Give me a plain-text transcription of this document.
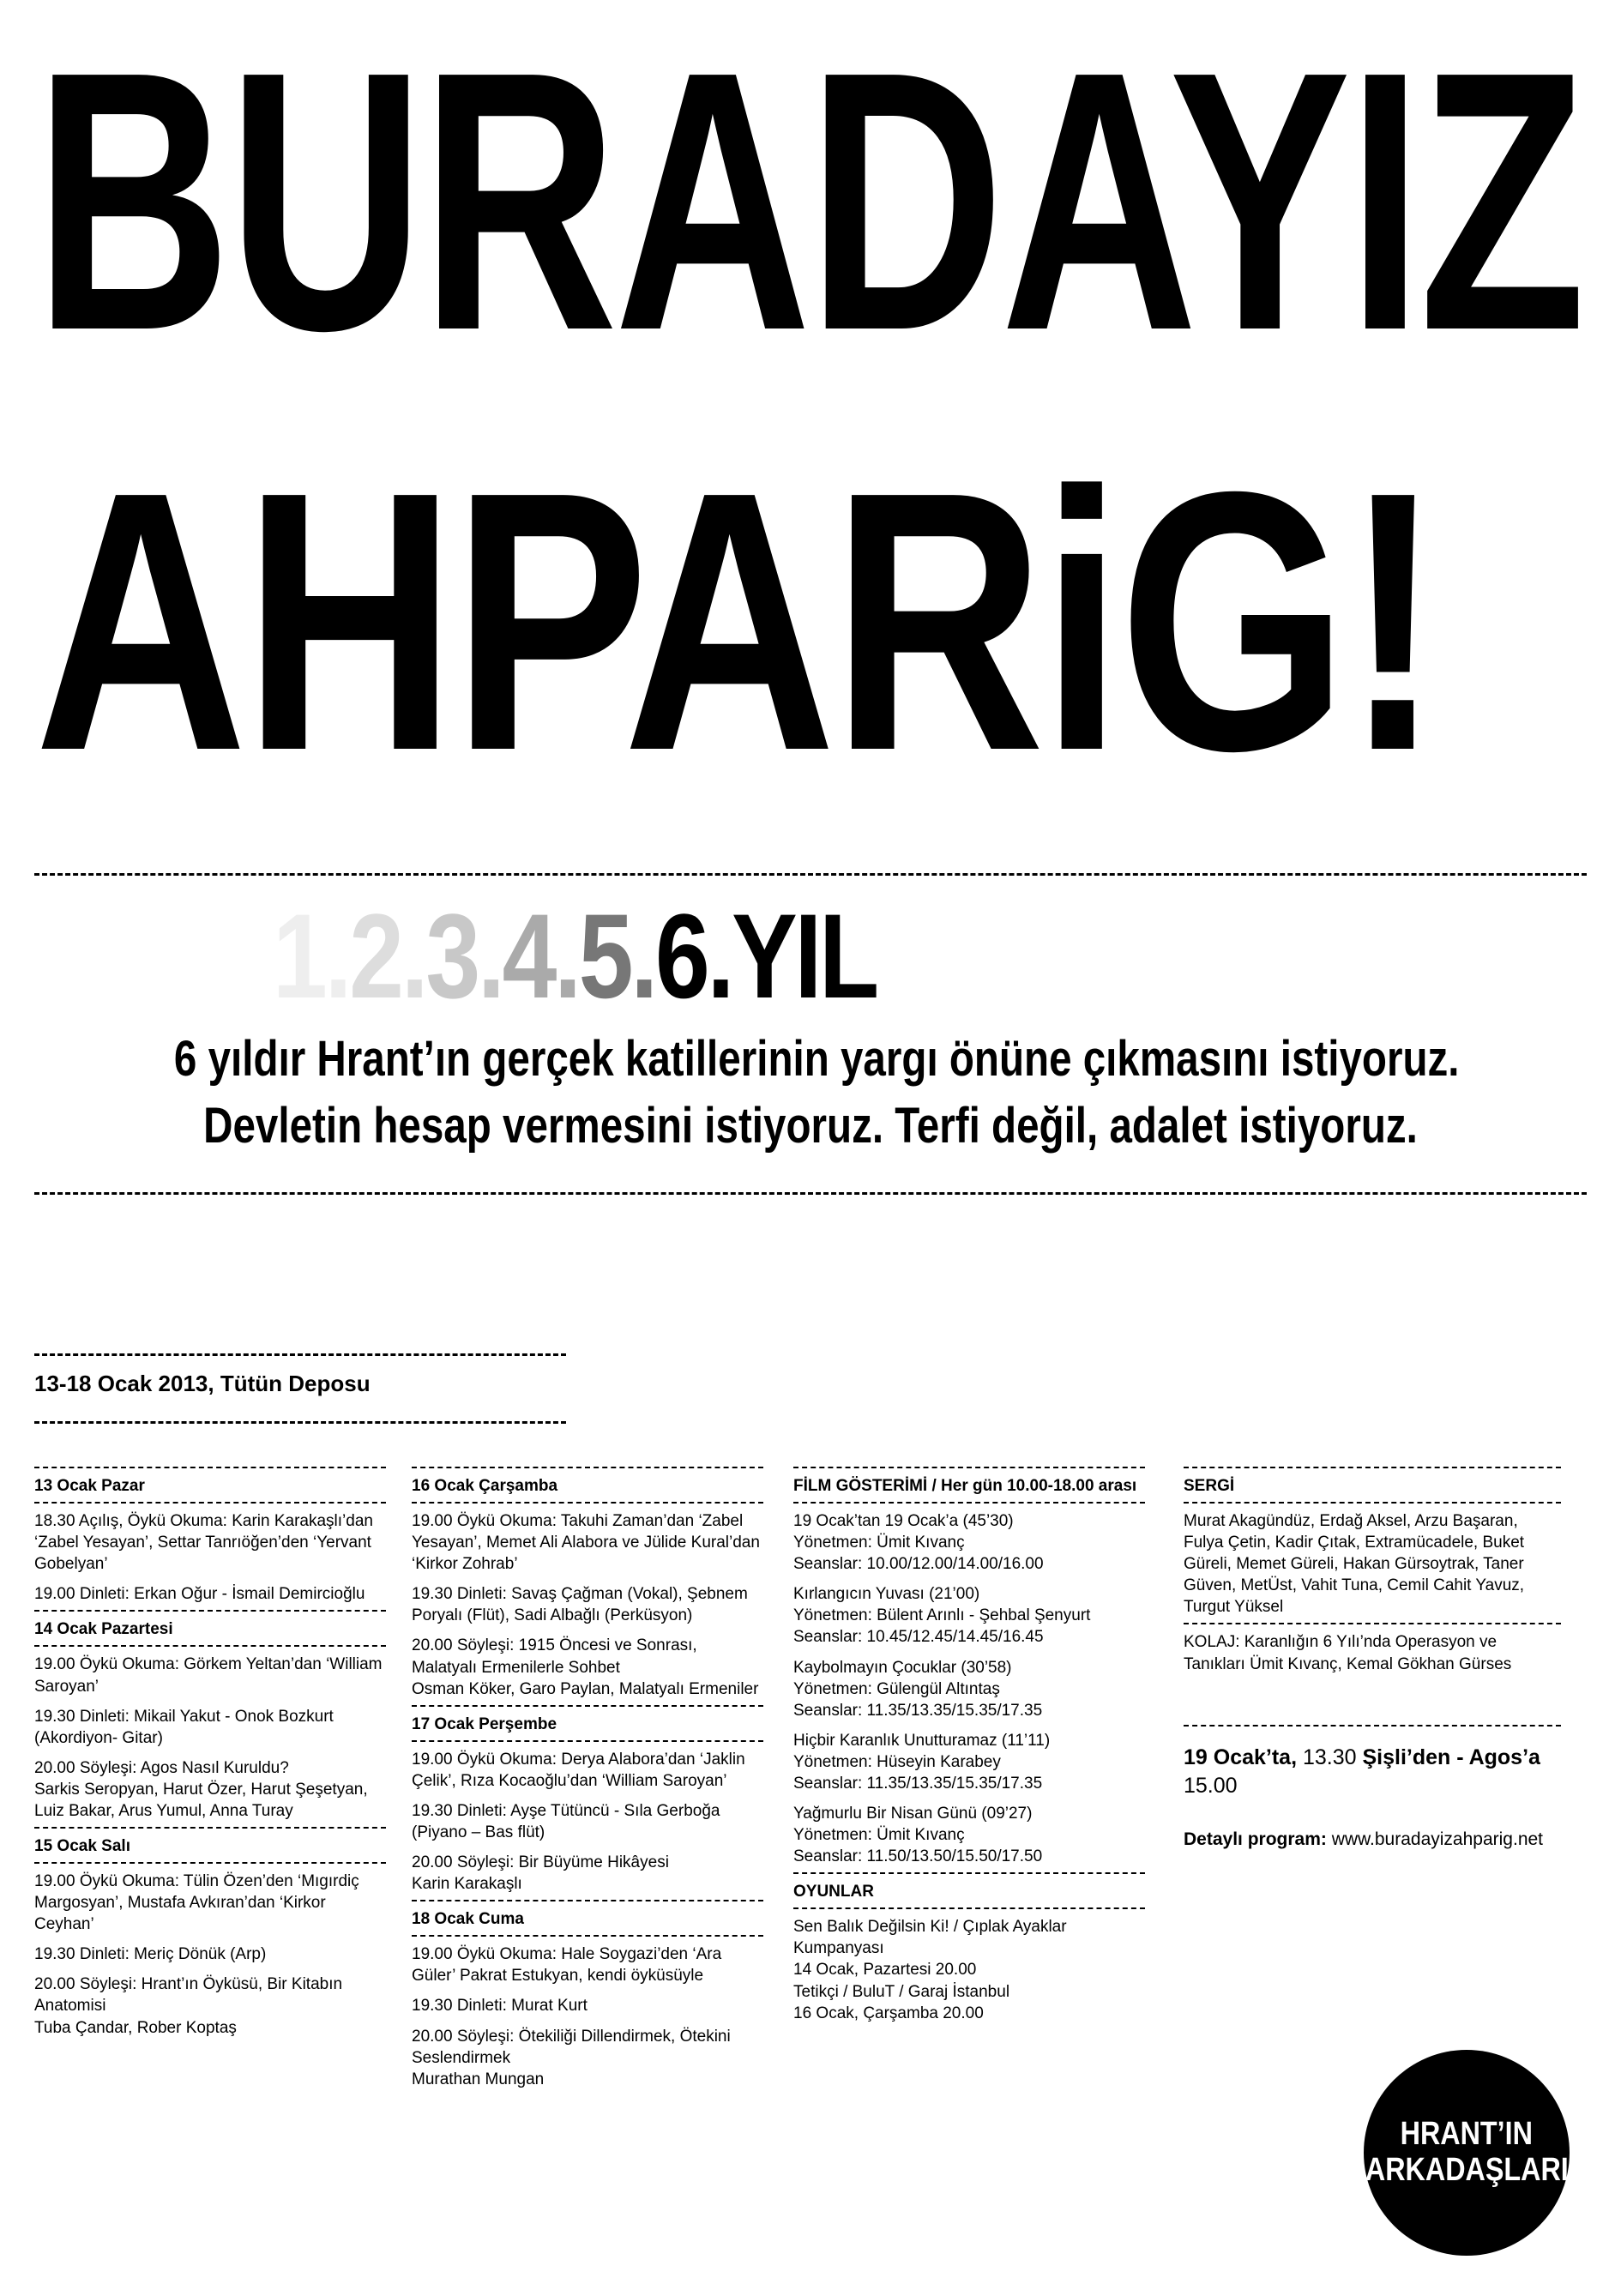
BURADAYIZ
AHPARiG!
1.2.3.4.5.6.YIL
6 yıldır Hrant’ın gerçek katillerinin yargı önüne çıkmasını istiyoruz.
Devletin hesap vermesini istiyoruz. Terfi değil, adalet istiyoruz.
13-18 Ocak 2013, Tütün Deposu
13 Ocak Pazar
18.30 Açılış, Öykü Okuma: Karin Karakaşlı’dan ‘Zabel Yesayan’, Settar Tanrıöğen’den ‘Yervant Gobelyan’
19.00 Dinleti: Erkan Oğur - İsmail Demircioğlu
14 Ocak Pazartesi
19.00 Öykü Okuma: Görkem Yeltan’dan ‘William Saroyan’
19.30 Dinleti: Mikail Yakut - Onok Bozkurt (Akordiyon- Gitar)
20.00 Söyleşi: Agos Nasıl Kuruldu?
Sarkis Seropyan, Harut Özer, Harut Şeşetyan, Luiz Bakar, Arus Yumul, Anna Turay
15 Ocak Salı
19.00 Öykü Okuma: Tülin Özen’den ‘Mıgırdiç Margosyan’, Mustafa Avkıran’dan ‘Kirkor Ceyhan’
19.30 Dinleti: Meriç Dönük (Arp)
20.00 Söyleşi: Hrant’ın Öyküsü, Bir Kitabın Anatomisi
Tuba Çandar, Rober Koptaş
16 Ocak Çarşamba
19.00 Öykü Okuma: Takuhi Zaman’dan ‘Zabel Yesayan’, Memet Ali Alabora ve Jülide Kural’dan ‘Kirkor Zohrab’
19.30 Dinleti: Savaş Çağman (Vokal), Şebnem Poryalı (Flüt), Sadi Albağlı (Perküsyon)
20.00 Söyleşi: 1915 Öncesi ve Sonrası, Malatyalı Ermenilerle Sohbet
Osman Köker, Garo Paylan, Malatyalı Ermeniler
17 Ocak Perşembe
19.00 Öykü Okuma: Derya Alabora’dan ‘Jaklin Çelik’, Rıza Kocaoğlu’dan ‘William Saroyan’
19.30 Dinleti: Ayşe Tütüncü - Sıla Gerboğa (Piyano – Bas flüt)
20.00 Söyleşi: Bir Büyüme Hikâyesi
Karin Karakaşlı
18 Ocak Cuma
19.00 Öykü Okuma: Hale Soygazi’den ‘Ara Güler’ Pakrat Estukyan, kendi öyküsüyle
19.30 Dinleti: Murat Kurt
20.00 Söyleşi: Ötekiliği Dillendirmek, Ötekini Seslendirmek
Murathan Mungan
FİLM GÖSTERİMİ / Her gün 10.00-18.00 arası
19 Ocak’tan 19 Ocak’a (45’30)
Yönetmen: Ümit Kıvanç
Seanslar: 10.00/12.00/14.00/16.00
Kırlangıcın Yuvası (21’00)
Yönetmen: Bülent Arınlı - Şehbal Şenyurt
Seanslar: 10.45/12.45/14.45/16.45
Kaybolmayın Çocuklar (30’58)
Yönetmen: Gülengül Altıntaş
Seanslar: 11.35/13.35/15.35/17.35
Hiçbir Karanlık Unutturamaz (11’11)
Yönetmen: Hüseyin Karabey
Seanslar: 11.35/13.35/15.35/17.35
Yağmurlu Bir Nisan Günü (09’27)
Yönetmen: Ümit Kıvanç
Seanslar: 11.50/13.50/15.50/17.50
OYUNLAR
Sen Balık Değilsin Ki! / Çıplak Ayaklar Kumpanyası
14 Ocak, Pazartesi 20.00
Tetikçi / BuluT / Garaj İstanbul
16 Ocak, Çarşamba 20.00
SERGİ
Murat Akagündüz, Erdağ Aksel, Arzu Başaran, Fulya Çetin, Kadir Çıtak, Extramücadele, Buket Güreli, Memet Güreli, Hakan Gürsoytrak, Taner Güven, MetÜst, Vahit Tuna, Cemil Cahit Yavuz, Turgut Yüksel
KOLAJ: Karanlığın 6 Yılı’nda Operasyon ve Tanıkları Ümit Kıvanç, Kemal Gökhan Gürses
19 Ocak’ta, 13.30 Şişli’den - Agos’a 15.00
Detaylı program: www.buradayizahparig.net
HRANT’IN
ARKADAŞLARI
